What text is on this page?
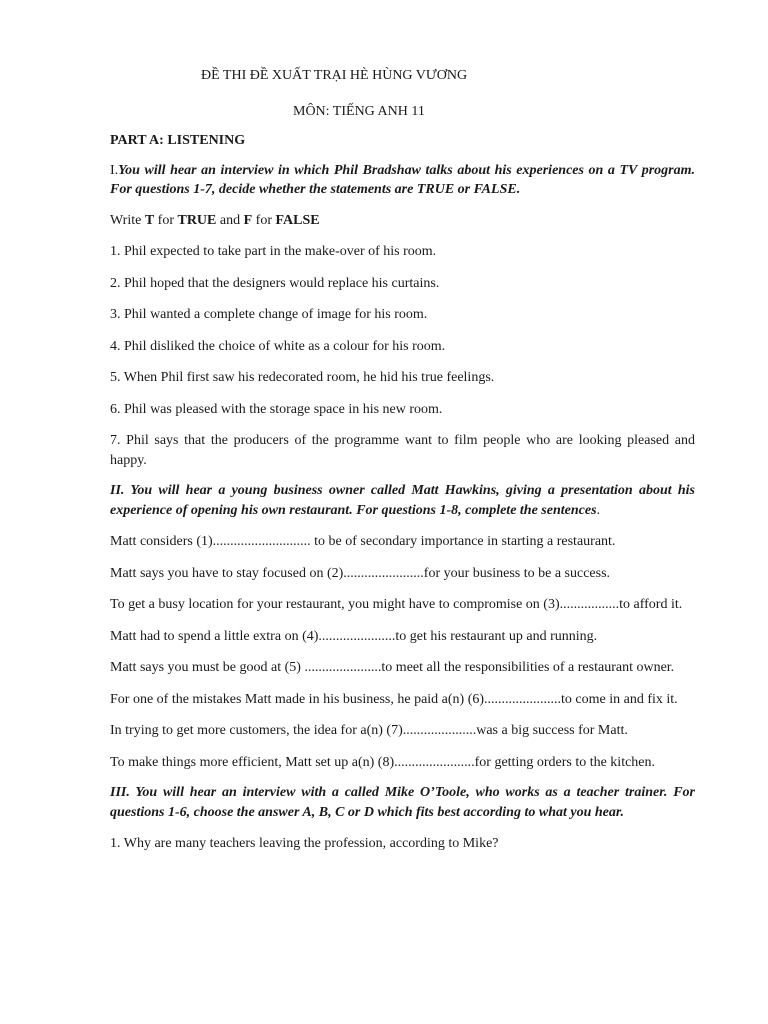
ĐỀ THI ĐỀ XUẤT TRẠI HÈ HÙNG VƯƠNG
MÔN: TIẾNG ANH 11

PART A: LISTENING

I.You will hear an interview in which Phil Bradshaw talks about his experiences on a TV program. For questions 1-7, decide whether the statements are TRUE or FALSE.

Write T for TRUE and F for FALSE

1. Phil expected to take part in the make-over of his room.

2. Phil hoped that the designers would replace his curtains.

3. Phil wanted a complete change of image for his room.

4. Phil disliked the choice of white as a colour for his room.

5. When Phil first saw his redecorated room, he hid his true feelings.

6. Phil was pleased with the storage space in his new room.

7. Phil says that the producers of the programme want to film people who are looking pleased and happy.

II. You will hear a young business owner called Matt Hawkins, giving a presentation about his experience of opening his own restaurant. For questions 1-8, complete the sentences.

Matt considers (1)............................ to be of secondary importance in starting a restaurant.

Matt says you have to stay focused on (2).......................for your business to be a success.

To get a busy location for your restaurant, you might have to compromise on (3).................to afford it.

Matt had to spend a little extra on (4)......................to get his restaurant up and running.

Matt says you must be good at (5) ......................to meet all the responsibilities of a restaurant owner.

For one of the mistakes Matt made in his business, he paid a(n) (6)......................to come in and fix it.

In trying to get more customers, the idea for a(n) (7).....................was a big success for Matt.

To make things more efficient, Matt set up a(n) (8).......................for getting orders to the kitchen.

III. You will hear an interview with a called Mike O’Toole, who works as a teacher trainer. For questions 1-6, choose the answer A, B, C or D which fits best according to what you hear.

1. Why are many teachers leaving the profession, according to Mike?
